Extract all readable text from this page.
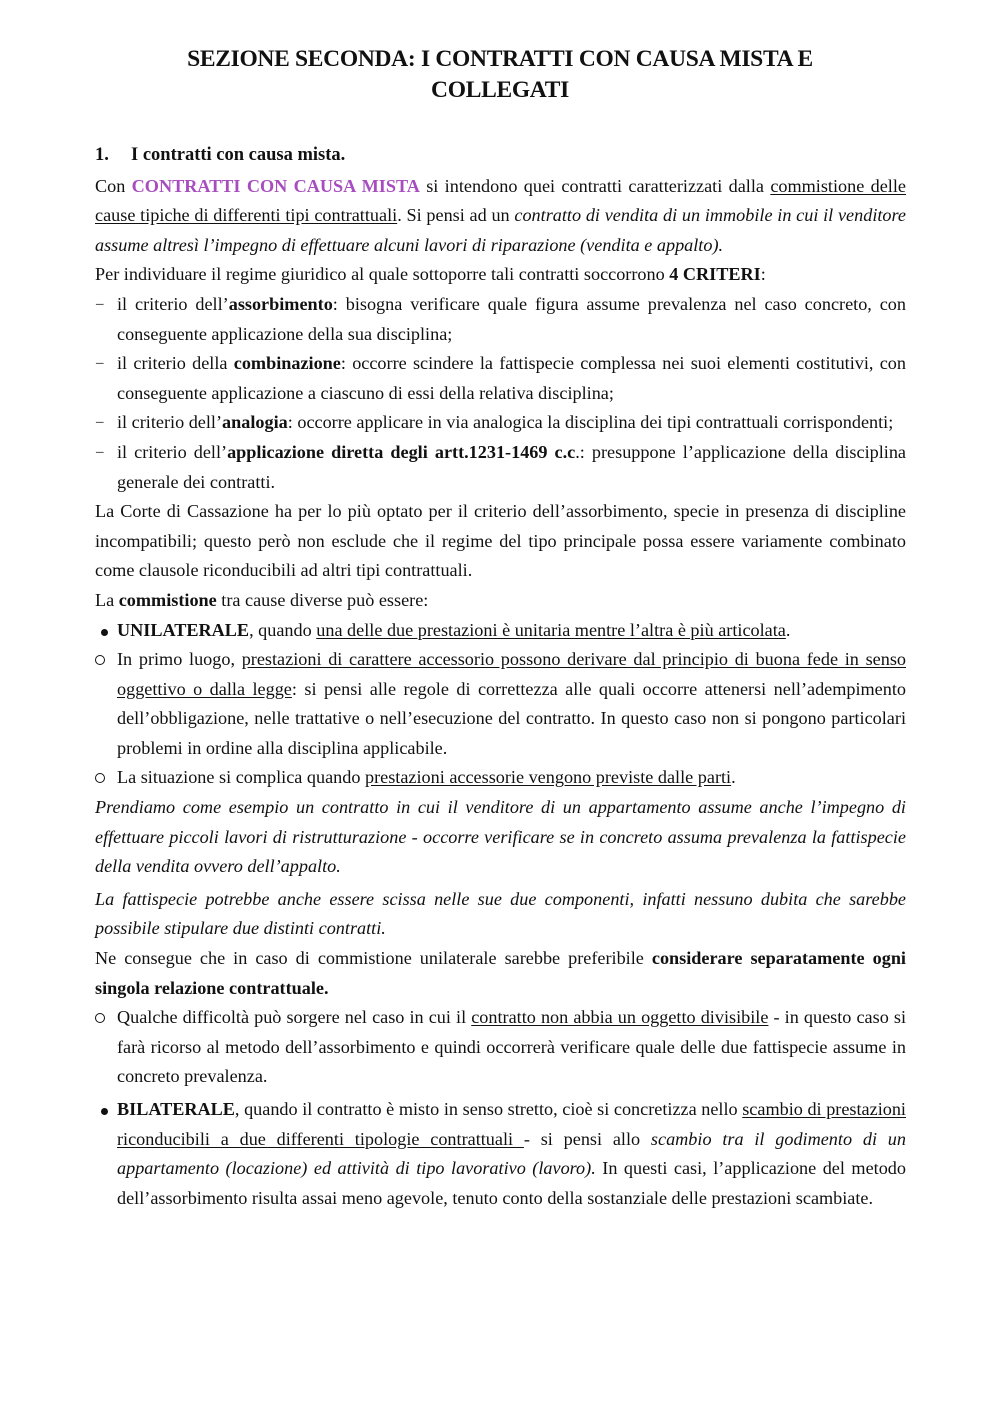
SEZIONE SECONDA: I CONTRATTI CON CAUSA MISTA E
COLLEGATI

1. I contratti con causa mista.

Con CONTRATTI CON CAUSA MISTA si intendono quei contratti caratterizzati dalla commistione delle cause tipiche di differenti tipi contrattuali. Si pensi ad un contratto di vendita di un immobile in cui il venditore assume altresì l’impegno di effettuare alcuni lavori di riparazione (vendita e appalto).

Per individuare il regime giuridico al quale sottoporre tali contratti soccorrono 4 CRITERI:

– il criterio dell’assorbimento: bisogna verificare quale figura assume prevalenza nel caso concreto, con conseguente applicazione della sua disciplina;

– il criterio della combinazione: occorre scindere la fattispecie complessa nei suoi elementi costitutivi, con conseguente applicazione a ciascuno di essi della relativa disciplina;

– il criterio dell’analogia: occorre applicare in via analogica la disciplina dei tipi contrattuali corrispondenti;

– il criterio dell’applicazione diretta degli artt.1231-1469 c.c.: presuppone l’applicazione della disciplina generale dei contratti.

La Corte di Cassazione ha per lo più optato per il criterio dell’assorbimento, specie in presenza di discipline incompatibili; questo però non esclude che il regime del tipo principale possa essere variamente combinato come clausole riconducibili ad altri tipi contrattuali.

La commistione tra cause diverse può essere:

UNILATERALE, quando una delle due prestazioni è unitaria mentre l’altra è più articolata.

In primo luogo, prestazioni di carattere accessorio possono derivare dal principio di buona fede in senso oggettivo o dalla legge: si pensi alle regole di correttezza alle quali occorre attenersi nell’adempimento dell’obbligazione, nelle trattative o nell’esecuzione del contratto. In questo caso non si pongono particolari problemi in ordine alla disciplina applicabile.

La situazione si complica quando prestazioni accessorie vengono previste dalle parti.

Prendiamo come esempio un contratto in cui il venditore di un appartamento assume anche l’impegno di effettuare piccoli lavori di ristrutturazione - occorre verificare se in concreto assuma prevalenza la fattispecie della vendita ovvero dell’appalto.

La fattispecie potrebbe anche essere scissa nelle sue due componenti, infatti nessuno dubita che sarebbe possibile stipulare due distinti contratti.

Ne consegue che in caso di commistione unilaterale sarebbe preferibile considerare separatamente ogni singola relazione contrattuale.

Qualche difficoltà può sorgere nel caso in cui il contratto non abbia un oggetto divisibile - in questo caso si farà ricorso al metodo dell’assorbimento e quindi occorrerà verificare quale delle due fattispecie assume in concreto prevalenza.

BILATERALE, quando il contratto è misto in senso stretto, cioè si concretizza nello scambio di prestazioni riconducibili a due differenti tipologie contrattuali - si pensi allo scambio tra il godimento di un appartamento (locazione) ed attività di tipo lavorativo (lavoro). In questi casi, l’applicazione del metodo dell’assorbimento risulta assai meno agevole, tenuto conto della sostanziale delle prestazioni scambiate.
